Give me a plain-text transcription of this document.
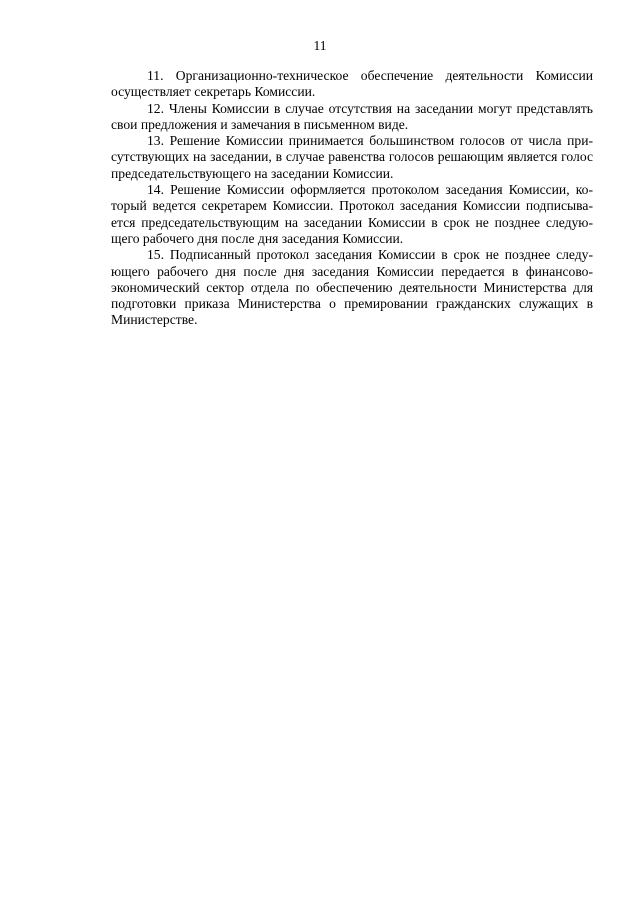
11

11. Организационно-техническое обеспечение деятельности Комиссии осуществляет секретарь Комиссии.

12. Члены Комиссии в случае отсутствия на заседании могут представлять свои предложения и замечания в письменном виде.

13. Решение Комиссии принимается большинством голосов от числа присутствующих на заседании, в случае равенства голосов решающим является голос председательствующего на заседании Комиссии.

14. Решение Комиссии оформляется протоколом заседания Комиссии, который ведется секретарем Комиссии. Протокол заседания Комиссии подписывается председательствующим на заседании Комиссии в срок не позднее следующего рабочего дня после дня заседания Комиссии.

15. Подписанный протокол заседания Комиссии в срок не позднее следующего рабочего дня после дня заседания Комиссии передается в финансово-экономический сектор отдела по обеспечению деятельности Министерства для подготовки приказа Министерства о премировании гражданских служащих в Министерстве.
